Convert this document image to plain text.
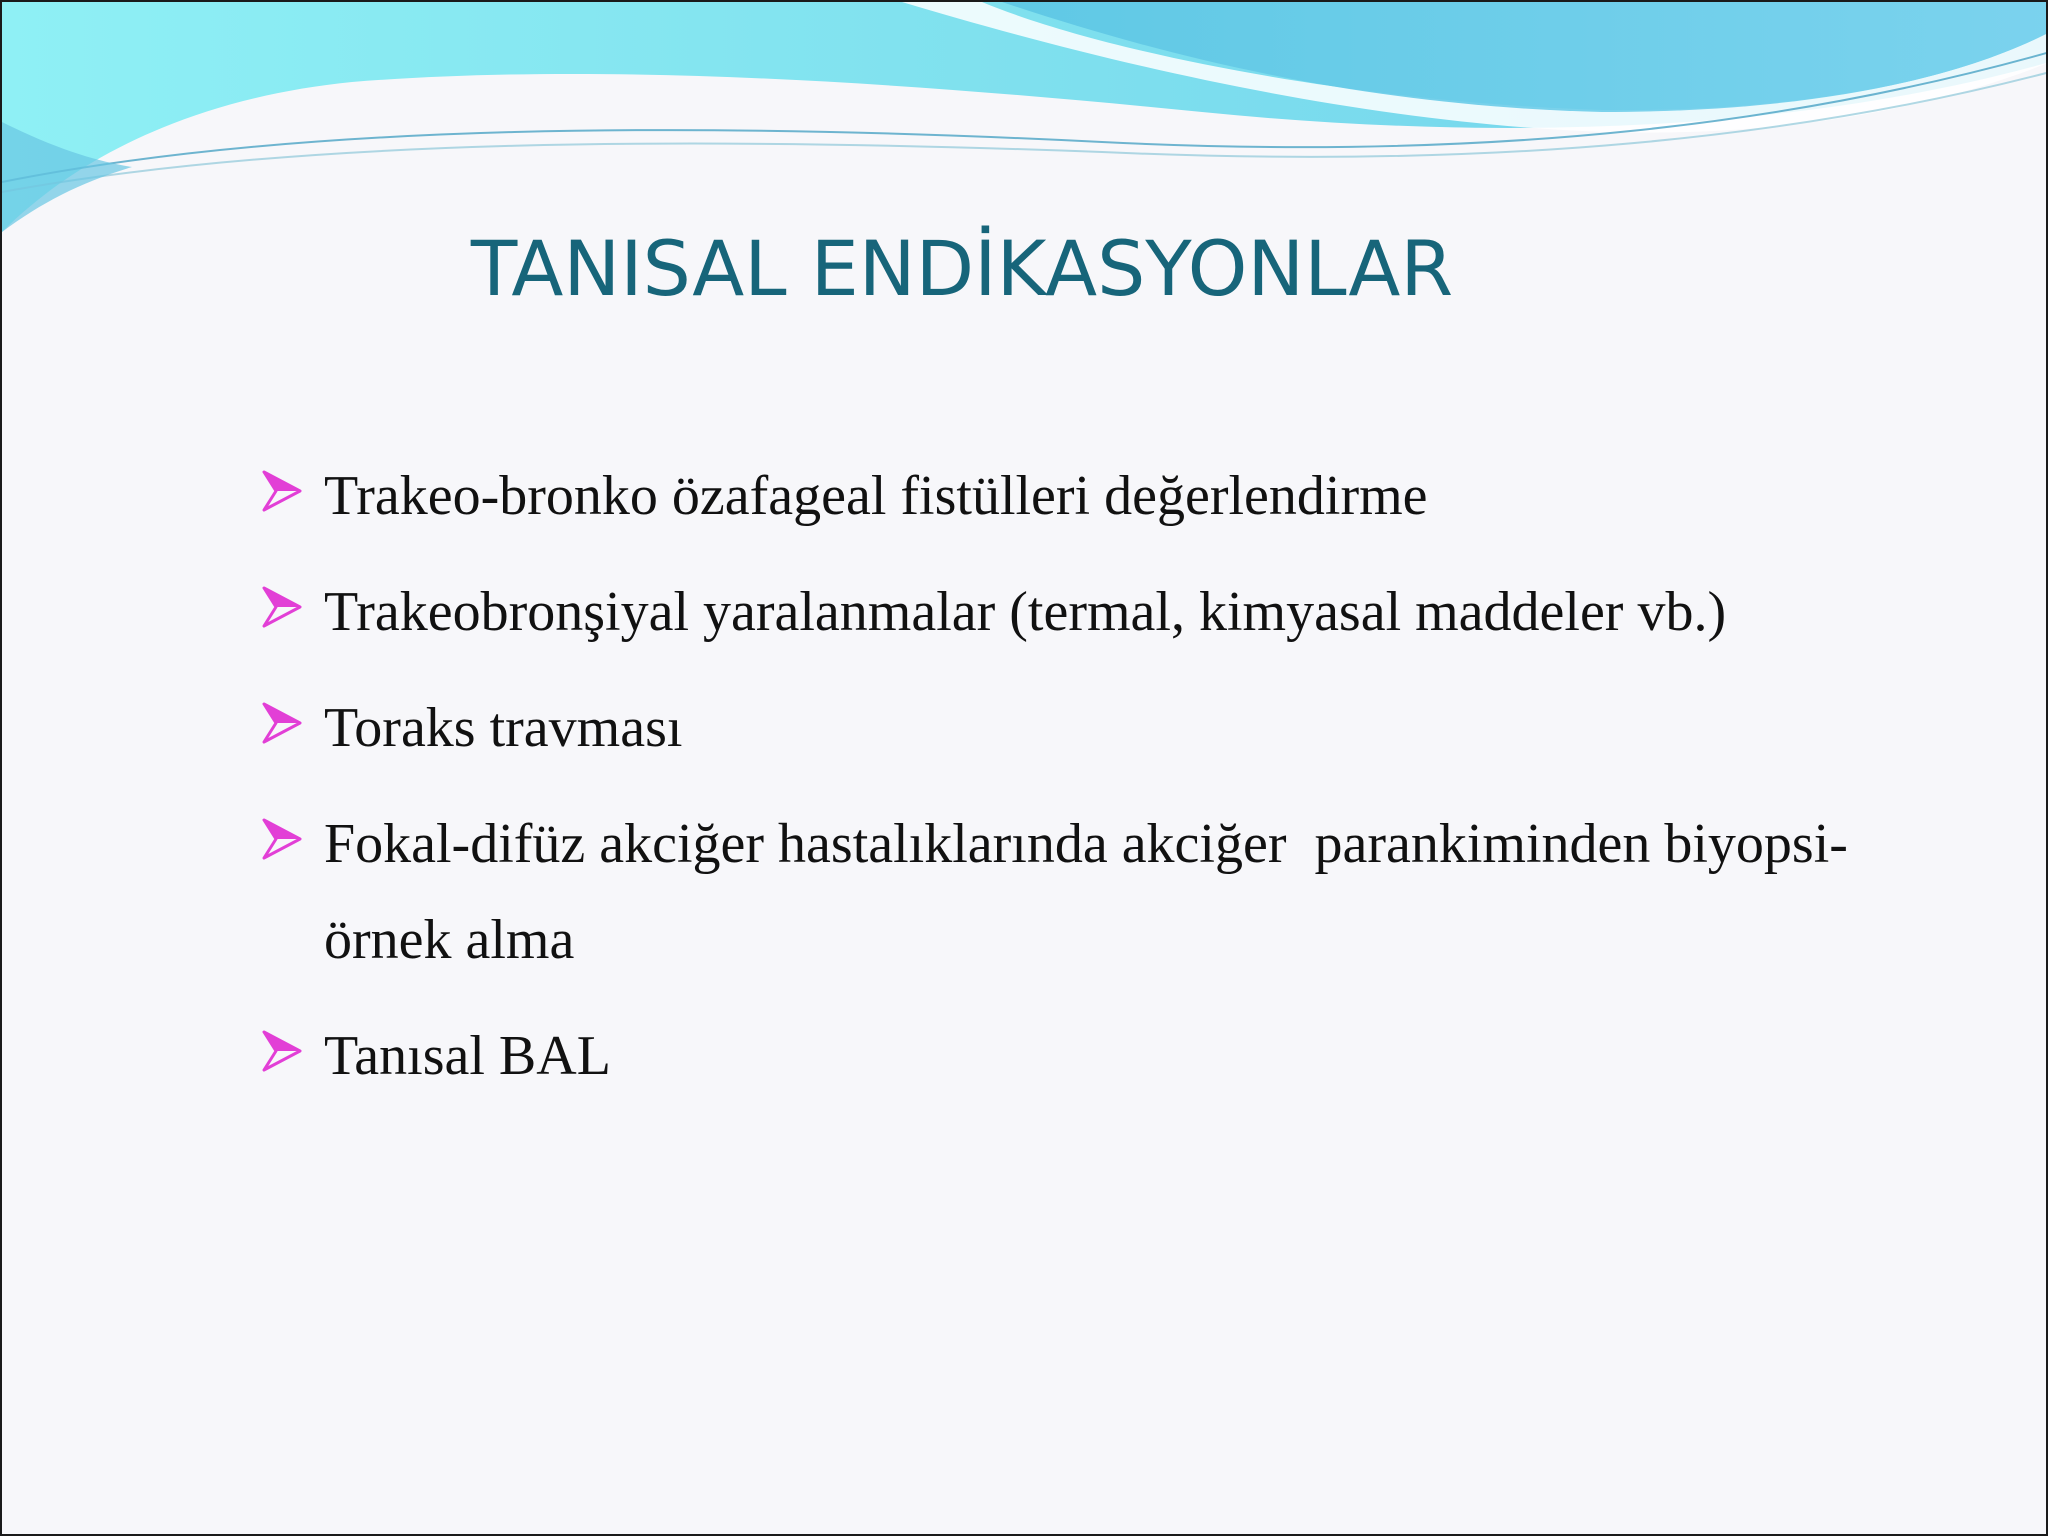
TANISAL ENDİKASYONLAR
Trakeo-bronko özafageal fistülleri değerlendirme
Trakeobronşiyal yaralanmalar (termal, kimyasal maddeler vb.)
Toraks travması
Fokal-difüz akciğer hastalıklarında akciğer  parankiminden biyopsi-örnek alma
Tanısal BAL
